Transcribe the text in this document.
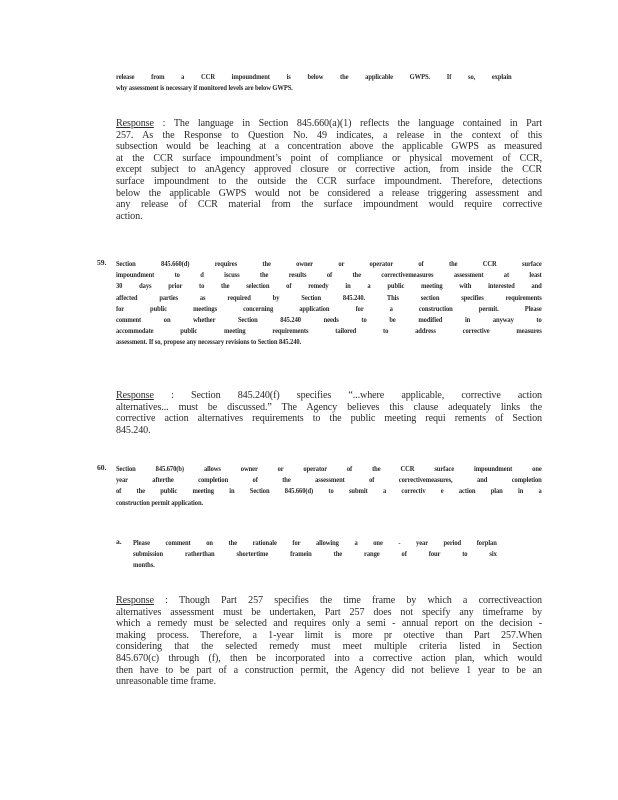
release from a CCR impoundment is below the applicable GWPS. If so, explain
why assessment is necessary if monitored levels are below GWPS.
Response : The language in Section 845.660(a)(1) reflects the language contained in Part
257. As the Response to Question No. 49 indicates, a release in the context of this
subsection would be leaching at a concentration above the applicable GWPS as measured
at the CCR surface impoundment’s point of compliance or physical movement of CCR,
except subject to anAgency approved closure or corrective action, from inside the CCR
surface impoundment to the outside the CCR surface impoundment. Therefore, detections
below the applicable GWPS would not be considered a release triggering assessment and
any release of CCR material from the surface impoundment would require corrective
action.
59. Section 845.660(d) requires the owner or operator of the CCR surface
impoundment to d iscuss the results of the correctivemeasures assessment at least
30 days prior to the selection of remedy in a public meeting with interested and
affected parties as required by Section 845.240. This section specifies requirements
for public meetings concerning application for a construction permit. Please
comment on whether Section 845.240 needs to be modified in anyway to
accommodate public meeting requirements tailored to address corrective measures
assessment. If so, propose any necessary revisions to Section 845.240.
Response : Section 845.240(f) specifies “...where applicable, corrective action
alternatives... must be discussed.” The Agency believes this clause adequately links the
corrective action alternatives requirements to the public meeting requi rements of Section
845.240.
60. Section 845.670(b) allows owner or operator of the CCR surface impoundment one
year afterthe completion of the assessment of correctivemeasures, and completion
of the public meeting in Section 845.660(d) to submit a correctiv e action plan in a
construction permit application.
a. Please comment on the rationale for allowing a one - year period forplan
submission ratherthan shortertime framein the range of four to six
months.
Response : Though Part 257 specifies the time frame by which a correctiveaction
alternatives assessment must be undertaken, Part 257 does not specify any timeframe by
which a remedy must be selected and requires only a semi - annual report on the decision -
making process. Therefore, a 1-year limit is more pr otective than Part 257.When
considering that the selected remedy must meet multiple criteria listed in Section
845.670(c) through (f), then be incorporated into a corrective action plan, which would
then have to be part of a construction permit, the Agency did not believe 1 year to be an
unreasonable time frame.
